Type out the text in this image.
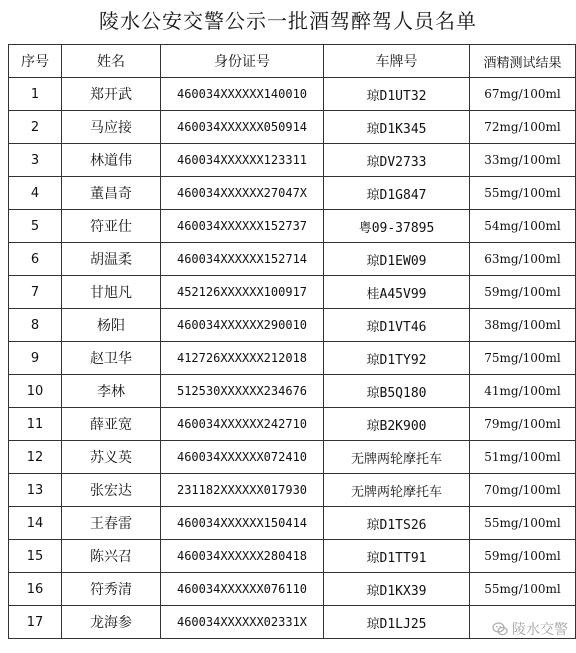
陵水公安交警公示一批酒驾醉驾人员名单
序号	姓名	身份证号	车牌号	酒精测试结果
1	郑开武	460034XXXXXX140010	琼D1UT32	67mg/100ml
2	马应接	460034XXXXXX050914	琼D1K345	72mg/100ml
3	林道伟	460034XXXXXX123311	琼DV2733	33mg/100ml
4	董昌奇	460034XXXXXX27047X	琼D1G847	55mg/100ml
5	符亚仕	460034XXXXXX152737	粤09-37895	54mg/100ml
6	胡温柔	460034XXXXXX152714	琼D1EW09	63mg/100ml
7	甘旭凡	452126XXXXXX100917	桂A45V99	59mg/100ml
8	杨阳	460034XXXXXX290010	琼D1VT46	38mg/100ml
9	赵卫华	412726XXXXXX212018	琼D1TY92	75mg/100ml
10	李林	512530XXXXXX234676	琼B5Q180	41mg/100ml
11	薛亚宽	460034XXXXXX242710	琼B2K900	79mg/100ml
12	苏义英	460034XXXXXX072410	无牌两轮摩托车	51mg/100ml
13	张宏达	231182XXXXXX017930	无牌两轮摩托车	70mg/100ml
14	王春雷	460034XXXXXX150414	琼D1TS26	55mg/100ml
15	陈兴召	460034XXXXXX280418	琼D1TT91	59mg/100ml
16	符秀清	460034XXXXXX076110	琼D1KX39	55mg/100ml
17	龙海参	460034XXXXXX02331X	琼D1LJ25		陵水交警
